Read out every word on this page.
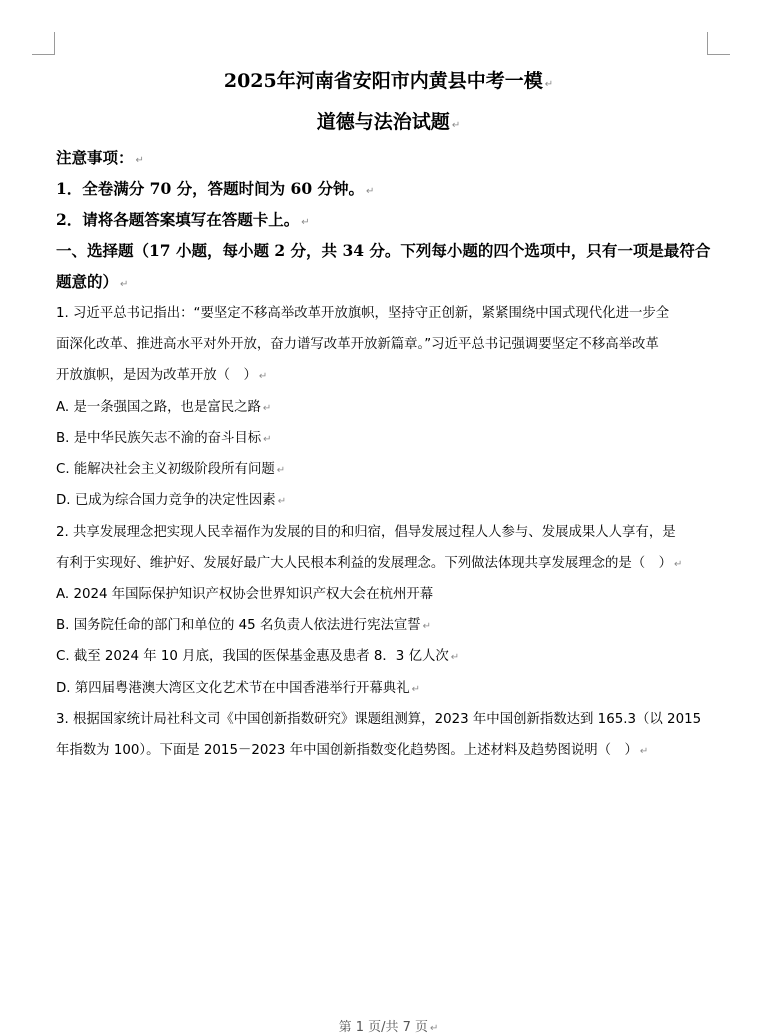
2025年河南省安阳市内黄县中考一模 ↵
道德与法治试题 ↵
注意事项： ↵
1．全卷满分 70 分，答题时间为 60 分钟。 ↵
2．请将各题答案填写在答题卡上。 ↵
一、选择题（17 小题，每小题 2 分，共 34 分。下列每小题的四个选项中，只有一项是最符合
题意的） ↵
1. 习近平总书记指出：“要坚定不移高举改革开放旗帜，坚持守正创新，紧紧围绕中国式现代化进一步全
面深化改革、推进高水平对外开放，奋力谱写改革开放新篇章。”习近平总书记强调要坚定不移高举改革
开放旗帜，是因为改革开放（　） ↵
A. 是一条强国之路，也是富民之路 ↵
B. 是中华民族矢志不渝的奋斗目标 ↵
C. 能解决社会主义初级阶段所有问题 ↵
D. 已成为综合国力竞争的决定性因素 ↵
2. 共享发展理念把实现人民幸福作为发展的目的和归宿，倡导发展过程人人参与、发展成果人人享有，是
有利于实现好、维护好、发展好最广大人民根本利益的发展理念。下列做法体现共享发展理念的是（　） ↵
A. 2024 年国际保护知识产权协会世界知识产权大会在杭州开幕
B. 国务院任命的部门和单位的 45 名负责人依法进行宪法宣誓 ↵
C. 截至 2024 年 10 月底，我国的医保基金惠及患者 8．3 亿人次 ↵
D. 第四届粤港澳大湾区文化艺术节在中国香港举行开幕典礼 ↵
3. 根据国家统计局社科文司《中国创新指数研究》课题组测算，2023 年中国创新指数达到 165.3（以 2015
年指数为 100）。下面是 2015－2023 年中国创新指数变化趋势图。上述材料及趋势图说明（　） ↵
第 1 页/共 7 页 ↵
